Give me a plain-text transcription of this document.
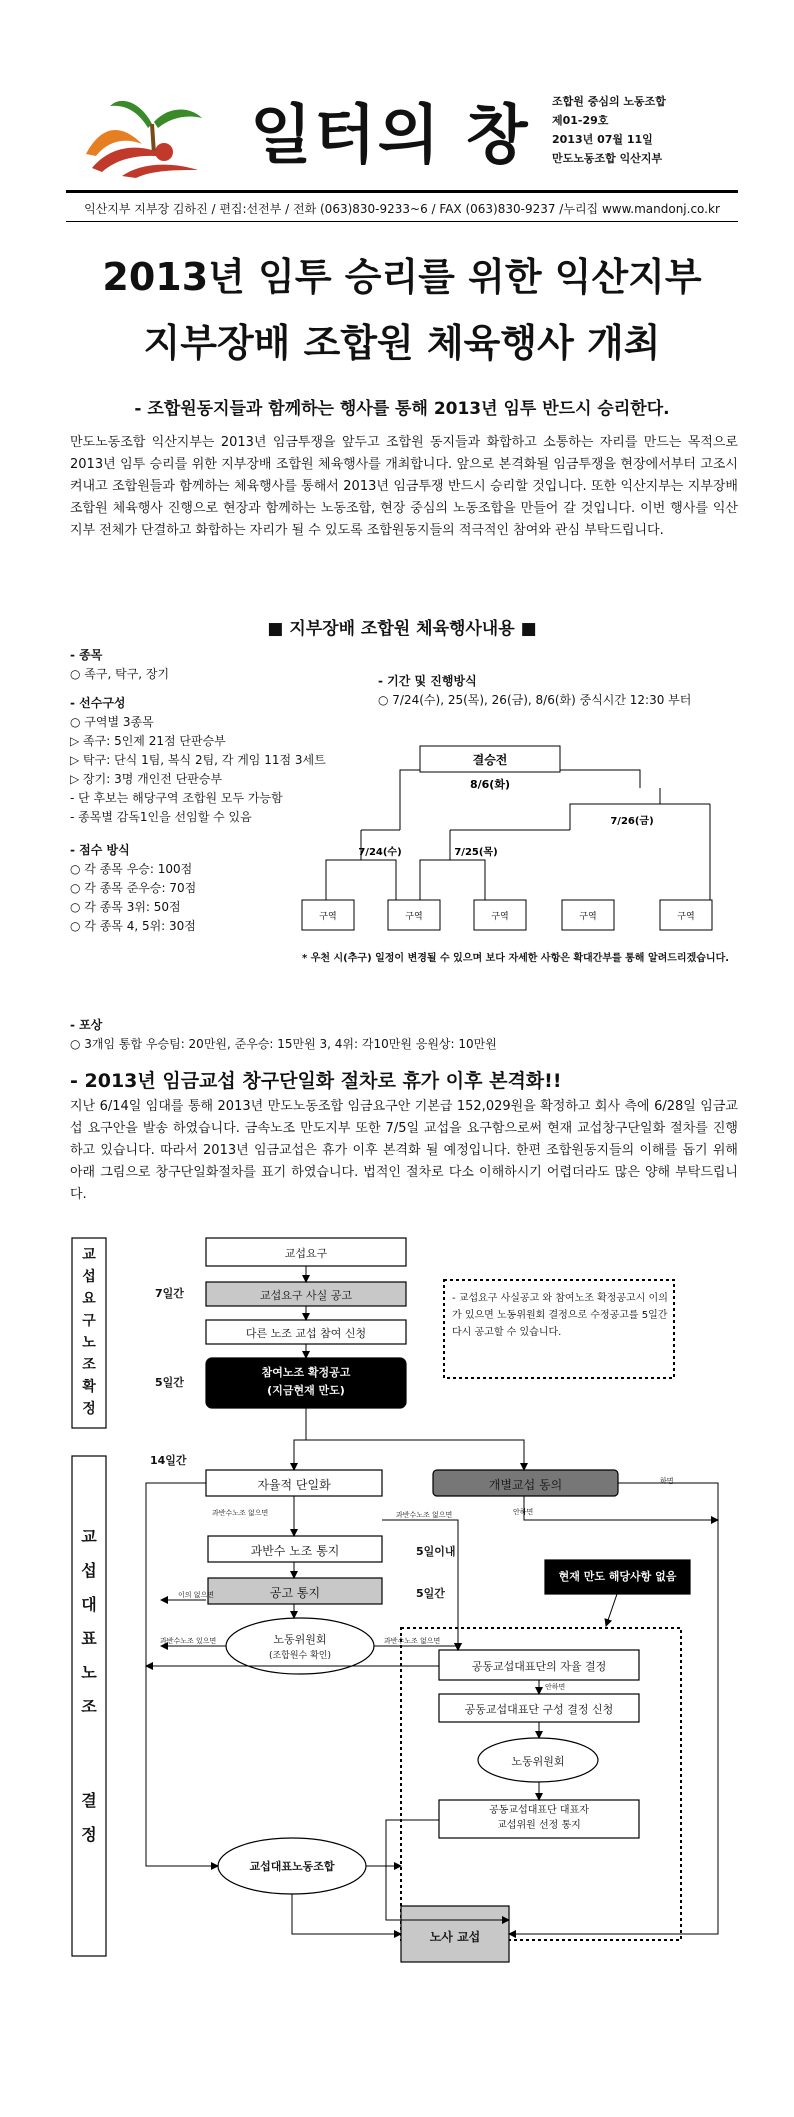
일터의 창 조합원 중심의 노동조합
제01-29호
2013년 07월 11일
만도노동조합 익산지부
익산지부 지부장 김하진 / 편집:선전부 / 전화 (063)830-9233~6 / FAX (063)830-9237 /누리집 www.mandonj.co.kr
2013년 임투 승리를 위한 익산지부
지부장배 조합원 체육행사 개최
- 조합원동지들과 함께하는 행사를 통해 2013년 임투 반드시 승리한다.
만도노동조합 익산지부는 2013년 임금투쟁을 앞두고 조합원 동지들과 화합하고 소통하는 자리를 만드는 목적으로 2013년 임투 승리를 위한 지부장배 조합원 체육행사를 개최합니다. 앞으로 본격화될 임금투쟁을 현장에서부터 고조시켜내고 조합원들과 함께하는 체육행사를 통해서 2013년 임금투쟁 반드시 승리할 것입니다. 또한 익산지부는 지부장배 조합원 체육행사 진행으로 현장과 함께하는 노동조합, 현장 중심의 노동조합을 만들어 갈 것입니다. 이번 행사를 익산지부 전체가 단결하고 화합하는 자리가 될 수 있도록 조합원동지들의 적극적인 참여와 관심 부탁드립니다.
■ 지부장배 조합원 체육행사내용 ■
- 종목
○ 족구, 탁구, 장기
- 선수구성
○ 구역별 3종목
▷ 족구: 5인제 21점 단판승부
▷ 탁구: 단식 1팀, 복식 2팀, 각 게임 11점 3세트
▷ 장기: 3명 개인전 단판승부
- 단 후보는 해당구역 조합원 모두 가능함
- 종목별 감독1인을 선임할 수 있음
- 점수 방식
○ 각 종목 우승: 100점
○ 각 종목 준우승: 70점
○ 각 종목 3위: 50점
○ 각 종목 4, 5위: 30점
- 포상
○ 3개임 통합 우승팀: 20만원, 준우승: 15만원 3, 4위: 각10만원 응원상: 10만원
- 기간 및 진행방식
○ 7/24(수), 25(목), 26(금), 8/6(화) 중식시간 12:30 부터
결승전
8/6(화)
7/24(수)	7/25(목)
7/26(금)
구역	구역	구역	구역	구역
* 우천 시(추구) 일정이 변경될 수 있으며 보다 자세한 사항은 확대간부를 통해 알려드리겠습니다.
- 2013년 임금교섭 창구단일화 절차로 휴가 이후 본격화!!
지난 6/14일 임대를 통해 2013년 만도노동조합 임금요구안 기본급 152,029원을 확정하고 회사 측에 6/28일 임금교섭 요구안을 발송 하였습니다. 금속노조 만도지부 또한 7/5일 교섭을 요구함으로써 현재 교섭창구단일화 절차를 진행하고 있습니다. 따라서 2013년 임금교섭은 휴가 이후 본격화 될 예정입니다. 한편 조합원동지들의 이해를 돕기 위해 아래 그림으로 창구단일화절차를 표기 하였습니다. 법적인 절차로 다소 이해하시기 어렵더라도 많은 양해 부탁드립니다.
교
섭
요
구
노
조
확
정
교
섭
대
표
노
조
결
정
교섭요구
교섭요구 사실 공고
다른 노조 교섭 참여 신청
참여노조 확정공고
(지금현재 만도)
7일간
5일간
14일간
5일이내
5일간
- 교섭요구 사실공고 와 참여노조 확정공고시 이의가 있으면 노동위원회 결정으로 수정공고를 5일간 다시 공고할 수 있습니다.
자율적 단일화	개별교섭 동의
과반수 노조 통지
공고 통지
노동위원회
(조합원수 확인)
현재 만도 해당사항 없음
공동교섭대표단의 자율 결정
공동교섭대표단 구성 결정 신청
노동위원회
공동교섭대표단 대표자
교섭위원 선정 통지
교섭대표노동조합
노사 교섭
과반수노조 없으면	과반수노조 없으면
과반수노조 있으면	과반수노조 없으면
이의 없으면
안하면
안하면
하면
